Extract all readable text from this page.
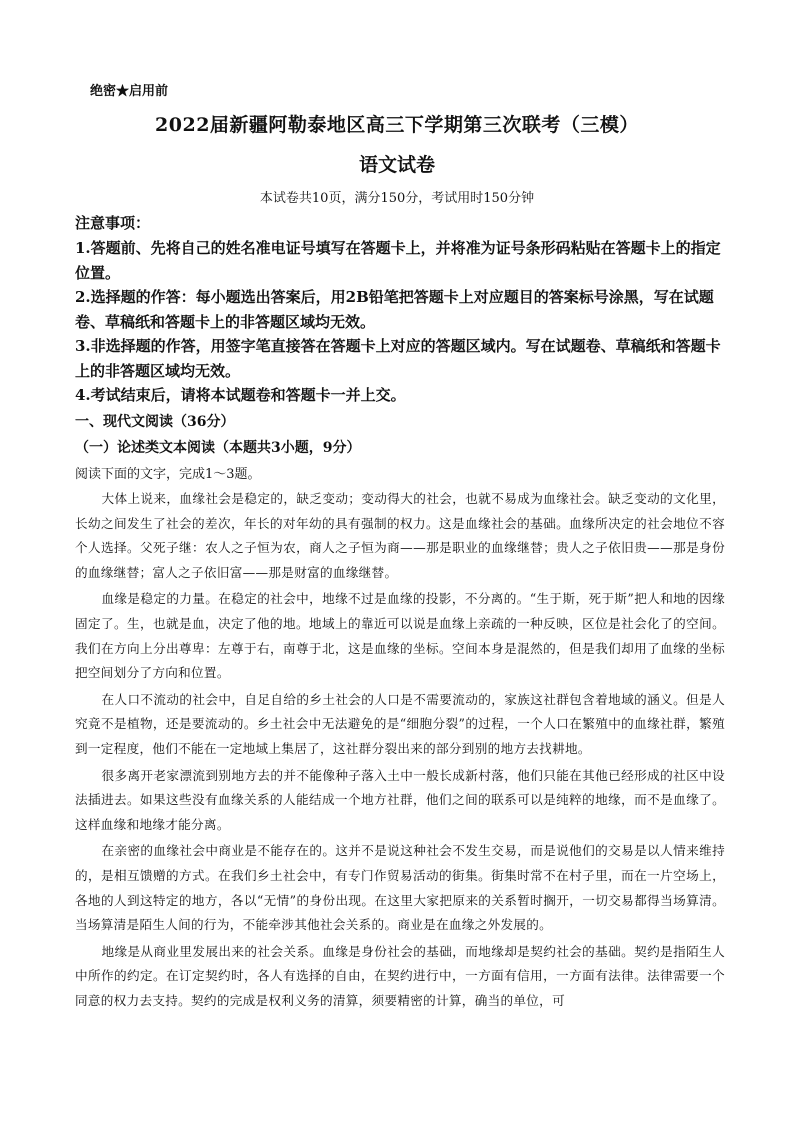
绝密★启用前
2022届新疆阿勒泰地区高三下学期第三次联考（三模）
语文试卷
本试卷共10页，满分150分，考试用时150分钟
注意事项：

1.答题前、先将自己的姓名准电证号填写在答题卡上，并将准为证号条形码粘贴在答题卡上的指定位置。

2.选择题的作答：每小题选出答案后，用2B铅笔把答题卡上对应题目的答案标号涂黑，写在试题卷、草稿纸和答题卡上的非答题区域均无效。

3.非选择题的作答，用签字笔直接答在答题卡上对应的答题区域内。写在试题卷、草稿纸和答题卡上的非答题区域均无效。

4.考试结束后，请将本试题卷和答题卡一并上交。

一、现代文阅读（36分）
（一）论述类文本阅读（本题共3小题，9分）
阅读下面的文字，完成1～3题。

大体上说来，血缘社会是稳定的，缺乏变动；变动得大的社会，也就不易成为血缘社会。缺乏变动的文化里，长幼之间发生了社会的差次，年长的对年幼的具有强制的权力。这是血缘社会的基础。血缘所决定的社会地位不容个人选择。父死子继：农人之子恒为农，商人之子恒为商——那是职业的血缘继替；贵人之子依旧贵——那是身份的血缘继替；富人之子依旧富——那是财富的血缘继替。

血缘是稳定的力量。在稳定的社会中，地缘不过是血缘的投影，不分离的。“生于斯，死于斯”把人和地的因缘固定了。生，也就是血，决定了他的地。地域上的靠近可以说是血缘上亲疏的一种反映，区位是社会化了的空间。我们在方向上分出尊卑：左尊于右，南尊于北，这是血缘的坐标。空间本身是混然的，但是我们却用了血缘的坐标把空间划分了方向和位置。

在人口不流动的社会中，自足自给的乡土社会的人口是不需要流动的，家族这社群包含着地域的涵义。但是人究竟不是植物，还是要流动的。乡土社会中无法避免的是“细胞分裂”的过程，一个人口在繁殖中的血缘社群，繁殖到一定程度，他们不能在一定地域上集居了，这社群分裂出来的部分到别的地方去找耕地。

很多离开老家漂流到别地方去的并不能像种子落入土中一般长成新村落，他们只能在其他已经形成的社区中设法插进去。如果这些没有血缘关系的人能结成一个地方社群，他们之间的联系可以是纯粹的地缘，而不是血缘了。这样血缘和地缘才能分离。

在亲密的血缘社会中商业是不能存在的。这并不是说这种社会不发生交易，而是说他们的交易是以人情来维持的，是相互馈赠的方式。在我们乡土社会中，有专门作贸易活动的街集。街集时常不在村子里，而在一片空场上，各地的人到这特定的地方，各以“无情”的身份出现。在这里大家把原来的关系暂时搁开，一切交易都得当场算清。当场算清是陌生人间的行为，不能牵涉其他社会关系的。商业是在血缘之外发展的。

地缘是从商业里发展出来的社会关系。血缘是身份社会的基础，而地缘却是契约社会的基础。契约是指陌生人中所作的约定。在订定契约时，各人有选择的自由，在契约进行中，一方面有信用，一方面有法律。法律需要一个同意的权力去支持。契约的完成是权利义务的清算，须要精密的计算，确当的单位，可
